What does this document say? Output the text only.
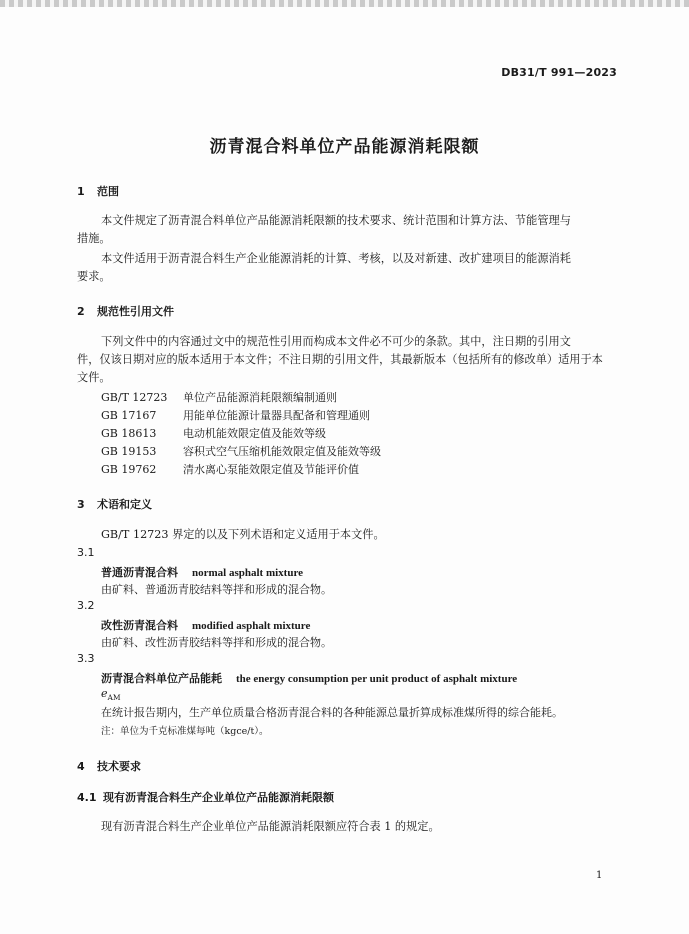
DB31/T 991—2023
沥青混合料单位产品能源消耗限额
1 范围
本文件规定了沥青混合料单位产品能源消耗限额的技术要求、统计范围和计算方法、节能管理与
措施。
本文件适用于沥青混合料生产企业能源消耗的计算、考核，以及对新建、改扩建项目的能源消耗
要求。
2 规范性引用文件
下列文件中的内容通过文中的规范性引用而构成本文件必不可少的条款。其中，注日期的引用文
件，仅该日期对应的版本适用于本文件；不注日期的引用文件，其最新版本（包括所有的修改单）适用于本
文件。
GB/T 12723 单位产品能源消耗限额编制通则
GB 17167 用能单位能源计量器具配备和管理通则
GB 18613 电动机能效限定值及能效等级
GB 19153 容积式空气压缩机能效限定值及能效等级
GB 19762 清水离心泵能效限定值及节能评价值
3 术语和定义
GB/T 12723 界定的以及下列术语和定义适用于本文件。
3.1
普通沥青混合料 normal asphalt mixture
由矿料、普通沥青胶结料等拌和形成的混合物。
3.2
改性沥青混合料 modified asphalt mixture
由矿料、改性沥青胶结料等拌和形成的混合物。
3.3
沥青混合料单位产品能耗 the energy consumption per unit product of asphalt mixture
$e_{AM}$
在统计报告期内，生产单位质量合格沥青混合料的各种能源总量折算成标准煤所得的综合能耗。
注：单位为千克标准煤每吨（kgce/t）。
4 技术要求
4.1 现有沥青混合料生产企业单位产品能源消耗限额
现有沥青混合料生产企业单位产品能源消耗限额应符合表 1 的规定。
1
